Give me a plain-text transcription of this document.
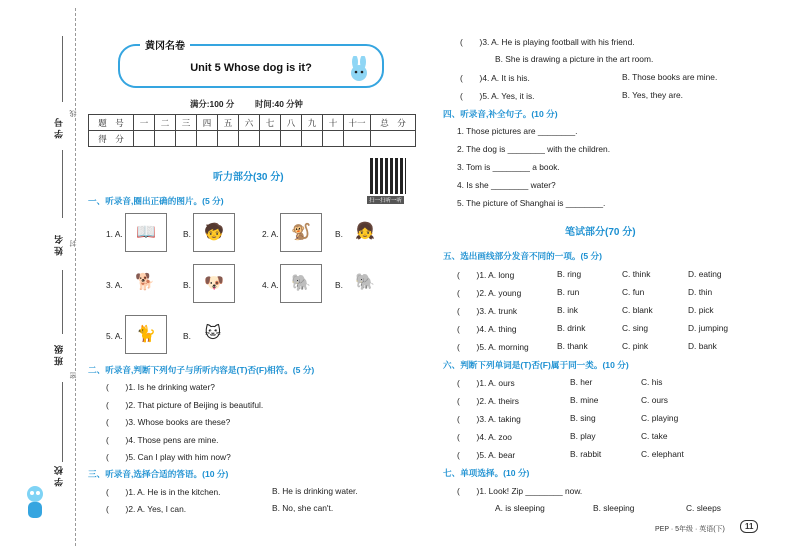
学 号
姓 名
班 级
学 校
线
封
密
Unit 5 Whose dog is it?
黄冈名卷
满分:100 分 时间:40 分钟
题　号	一	二	三	四	五	六	七	八	九	十	十一	总　分
得　分												
听力部分(30 分)
扫一扫听一听
一、听录音,圈出正确的图片。(5 分)
1. A. 📖	B. 🧒	2. A. 🐒	B. 👧
3. A. 🐕	B. 🐶	4. A. 🐘	B. 🐘
5. A. 🐈	B. 🐱
二、听录音,判断下列句子与所听内容是(T)否(F)相符。(5 分)
(　　)1. Is he drinking water?
(　　)2. That picture of Beijing is beautiful.
(　　)3. Whose books are these?
(　　)4. Those pens are mine.
(　　)5. Can I play with him now?
三、听录音,选择合适的答语。(10 分)
(　　)1. A. He is in the kitchen.	B. He is drinking water.
(　　)2. A. Yes, I can.	B. No, she can't.
(　　)3. A. He is playing football with his friend.
B. She is drawing a picture in the art room.
(　　)4. A. It is his.	B. Those books are mine.
(　　)5. A. Yes, it is.	B. Yes, they are.
四、听录音,补全句子。(10 分)
1. Those pictures are ________.
2. The dog is ________ with the children.
3. Tom is ________ a book.
4. Is she ________ water?
5. The picture of Shanghai is ________.
笔试部分(70 分)
五、选出画线部分发音不同的一项。(5 分)
(　　)1. A. long	B. ring	C. think	D. eating
(　　)2. A. young	B. run	C. fun	D. thin
(　　)3. A. trunk	B. ink	C. blank	D. pick
(　　)4. A. thing	B. drink	C. sing	D. jumping
(　　)5. A. morning	B. thank	C. pink	D. bank
六、判断下列单词是(T)否(F)属于同一类。(10 分)
(　　)1. A. ours	B. her	C. his
(　　)2. A. theirs	B. mine	C. ours
(　　)3. A. taking	B. sing	C. playing
(　　)4. A. zoo	B. play	C. take
(　　)5. A. bear	B. rabbit	C. elephant
七、单项选择。(10 分)
(　　)1. Look! Zip ________ now.
A. is sleeping	B. sleeping	C. sleeps
PEP · 5年级 · 英语(下)	11
